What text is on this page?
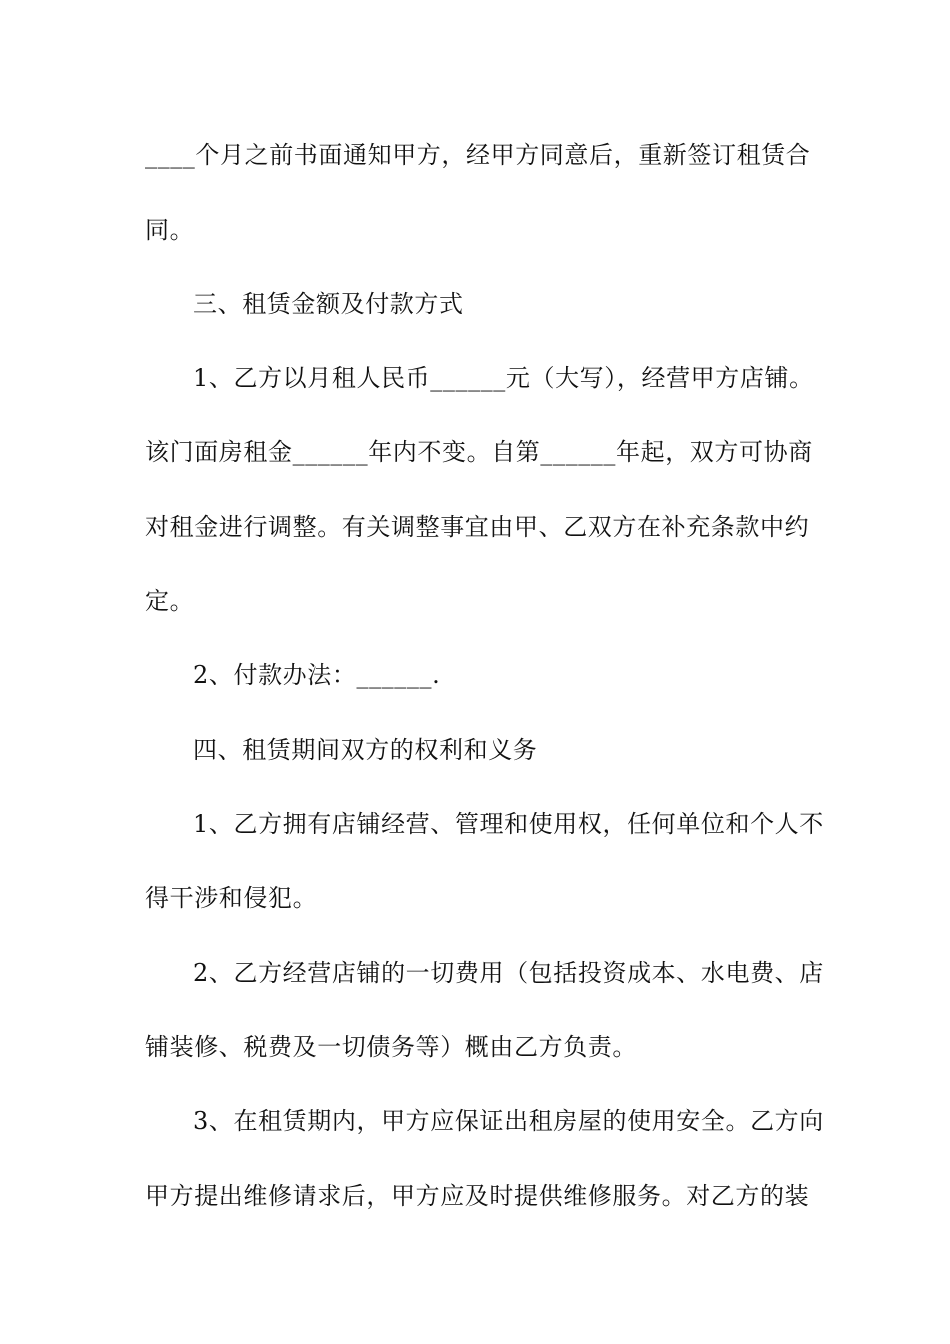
____个月之前书面通知甲方，经甲方同意后，重新签订租赁合
同。
三、租赁金额及付款方式
1、乙方以月租人民币______元（大写），经营甲方店铺。
该门面房租金______年内不变。自第______年起，双方可协商
对租金进行调整。有关调整事宜由甲、乙双方在补充条款中约
定。
2、付款办法：______.
四、租赁期间双方的权利和义务
1、乙方拥有店铺经营、管理和使用权，任何单位和个人不
得干涉和侵犯。
2、乙方经营店铺的一切费用（包括投资成本、水电费、店
铺装修、税费及一切债务等）概由乙方负责。
3、在租赁期内，甲方应保证出租房屋的使用安全。乙方向
甲方提出维修请求后，甲方应及时提供维修服务。对乙方的装
